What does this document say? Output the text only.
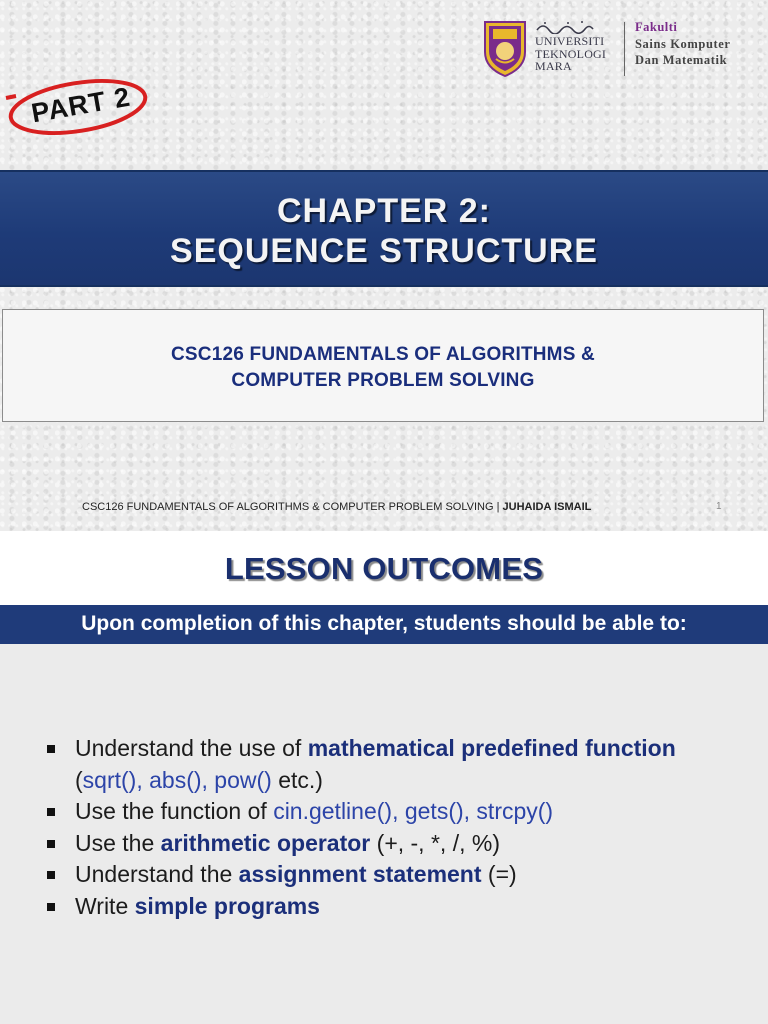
UNIVERSITI
TEKNOLOGI
MARA
Fakulti
Sains Komputer
Dan Matematik
PART 2
CHAPTER 2:
SEQUENCE STRUCTURE
CSC126 FUNDAMENTALS OF ALGORITHMS &
COMPUTER PROBLEM SOLVING
CSC126 FUNDAMENTALS OF ALGORITHMS & COMPUTER PROBLEM SOLVING | JUHAIDA ISMAIL	1
LESSON OUTCOMES
Upon completion of this chapter, students should be able to:
Understand the use of mathematical predefined function (sqrt(), abs(), pow() etc.)
Use the function of cin.getline(), gets(), strcpy()
Use the arithmetic operator (+, -, *, /, %)
Understand the assignment statement (=)
Write simple programs
